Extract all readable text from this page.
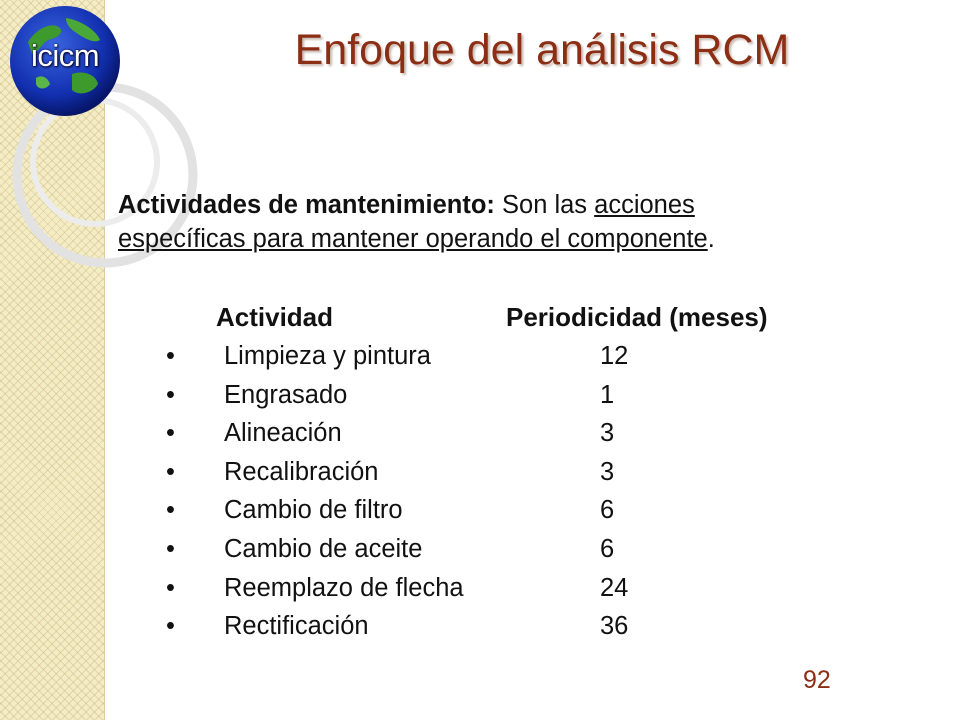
icicm	Enfoque del análisis RCM
Actividades de mantenimiento: Son las acciones específicas para mantener operando el componente.
Actividad	Periodicidad (meses)
• Limpieza y pintura	12
• Engrasado	1
• Alineación	3
• Recalibración	3
• Cambio de filtro	6
• Cambio de aceite	6
• Reemplazo de flecha	24
• Rectificación	36
92
